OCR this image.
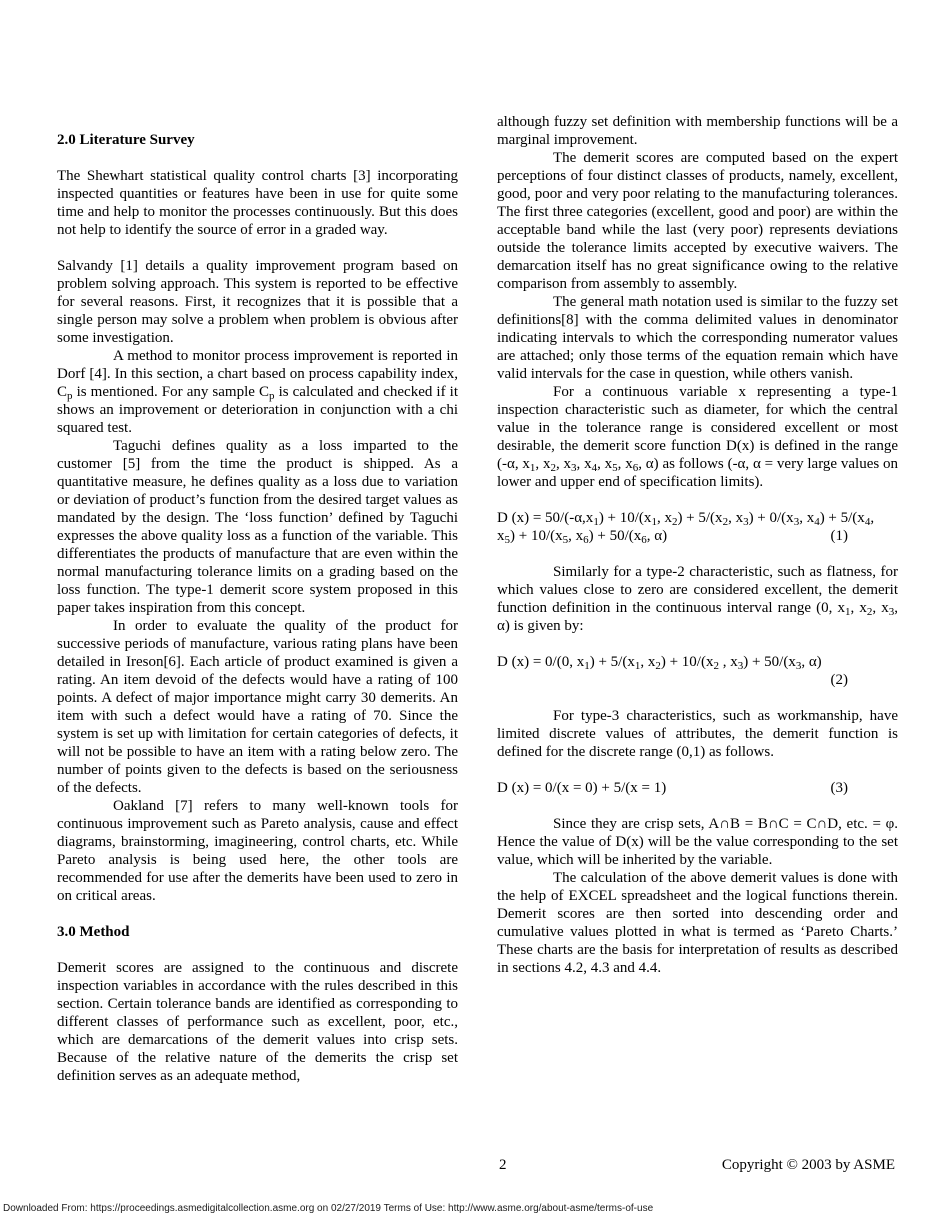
2.0 Literature Survey

The Shewhart statistical quality control charts [3] incorporating inspected quantities or features have been in use for quite some time and help to monitor the processes continuously. But this does not help to identify the source of error in a graded way.

Salvandy [1] details a quality improvement program based on problem solving approach. This system is reported to be effective for several reasons. First, it recognizes that it is possible that a single person may solve a problem when problem is obvious after some investigation.

A method to monitor process improvement is reported in Dorf [4]. In this section, a chart based on process capability index, $C_p$ is mentioned. For any sample $C_p$ is calculated and checked if it shows an improvement or deterioration in conjunction with a chi squared test.

Taguchi defines quality as a loss imparted to the customer [5] from the time the product is shipped. As a quantitative measure, he defines quality as a loss due to variation or deviation of product’s function from the desired target values as mandated by the design. The ‘loss function’ defined by Taguchi expresses the above quality loss as a function of the variable. This differentiates the products of manufacture that are even within the normal manufacturing tolerance limits on a grading based on the loss function. The type-1 demerit score system proposed in this paper takes inspiration from this concept.

In order to evaluate the quality of the product for successive periods of manufacture, various rating plans have been detailed in Ireson[6]. Each article of product examined is given a rating. An item devoid of the defects would have a rating of 100 points. A defect of major importance might carry 30 demerits. An item with such a defect would have a rating of 70. Since the system is set up with limitation for certain categories of defects, it will not be possible to have an item with a rating below zero. The number of points given to the defects is based on the seriousness of the defects.

Oakland [7] refers to many well-known tools for continuous improvement such as Pareto analysis, cause and effect diagrams, brainstorming, imagineering, control charts, etc. While Pareto analysis is being used here, the other tools are recommended for use after the demerits have been used to zero in on critical areas.

3.0 Method

Demerit scores are assigned to the continuous and discrete inspection variables in accordance with the rules described in this section. Certain tolerance bands are identified as corresponding to different classes of performance such as excellent, poor, etc., which are demarcations of the demerit values into crisp sets. Because of the relative nature of the demerits the crisp set definition serves as an adequate method,

although fuzzy set definition with membership functions will be a marginal improvement.

The demerit scores are computed based on the expert perceptions of four distinct classes of products, namely, excellent, good, poor and very poor relating to the manufacturing tolerances. The first three categories (excellent, good and poor) are within the acceptable band while the last (very poor) represents deviations outside the tolerance limits accepted by executive waivers. The demarcation itself has no great significance owing to the relative comparison from assembly to assembly.

The general math notation used is similar to the fuzzy set definitions[8] with the comma delimited values in denominator indicating intervals to which the corresponding numerator values are attached; only those terms of the equation remain which have valid intervals for the case in question, while others vanish.

For a continuous variable x representing a type-1 inspection characteristic such as diameter, for which the central value in the tolerance range is considered excellent or most desirable, the demerit score function D(x) is defined in the range (-α, $x_1$, $x_2$, $x_3$, $x_4$, $x_5$, $x_6$, α) as follows (-α, α = very large values on lower and upper end of specification limits).

D $(x) = 50/(-\alpha,x_1) + 10/(x_1$, $x_2) + 5/(x_2$, $x_3) + 0/(x_3$, $x_4) + 5/(x_4$,
$x_5) + 10/(x_5$, $x_6) + 50/(x_6$, α)	(1)

Similarly for a type-2 characteristic, such as flatness, for which values close to zero are considered excellent, the demerit function definition in the continuous interval range (0, $x_1$, $x_2$, $x_3$, α) is given by:

D (x) = 0/(0, $x_1) + 5/(x_1$, $x_2) + 10/(x_2$ , $x_3) + 50/(x_3$, α)

(2)

For type-3 characteristics, such as workmanship, have limited discrete values of attributes, the demerit function is defined for the discrete range (0,1) as follows.

D (x) = 0/(x = 0) + 5/(x = 1)	(3)

Since they are crisp sets, A∩B = B∩C = C∩D, etc. = φ. Hence the value of D(x) will be the value corresponding to the set value, which will be inherited by the variable.

The calculation of the above demerit values is done with the help of EXCEL spreadsheet and the logical functions therein. Demerit scores are then sorted into descending order and cumulative values plotted in what is termed as ‘Pareto Charts.’ These charts are the basis for interpretation of results as described in sections 4.2, 4.3 and 4.4.

2	Copyright © 2003 by ASME
Downloaded From: https://proceedings.asmedigitalcollection.asme.org on 02/27/2019 Terms of Use: http://www.asme.org/about-asme/terms-of-use
